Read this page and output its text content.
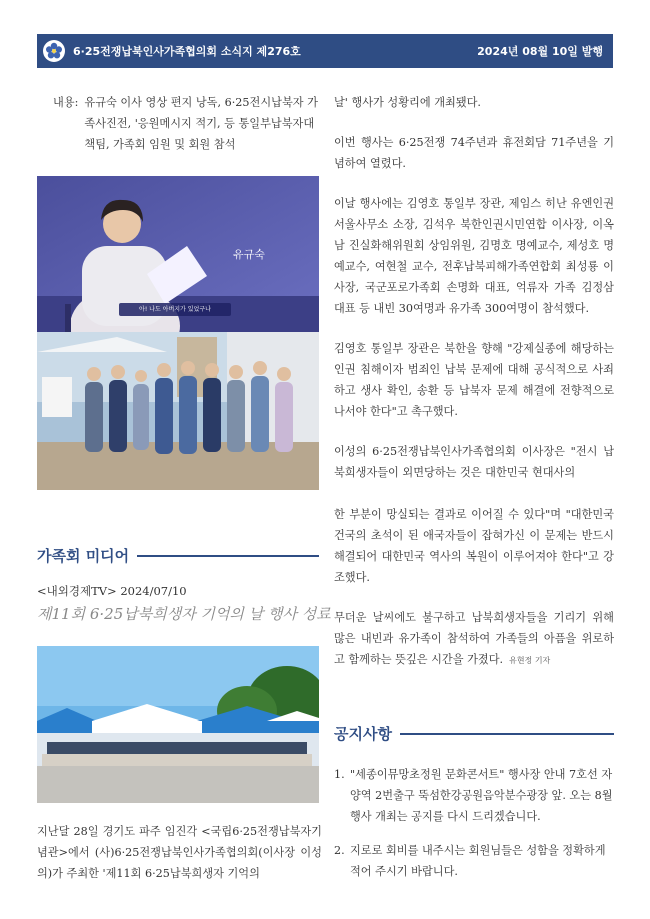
6·25전쟁납북인사가족협의회 소식지 제276호	2024년 08월 10일 발행
내용: 유규숙 이사 영상 편지 낭독, 6·25전시납북자 가족사진전, '응원메시지 적기, 등 통일부납북자대책팀, 가족회 임원 및 회원 참석
유규숙
아! 나도 아버지가 있었구나
가족회 미디어
<내외경제TV> 2024/07/10
제11회 6·25납북희생자 기억의 날 행사 성료
지난달 28일 경기도 파주 임진각 <국립6·25전쟁납북자기념관>에서 (사)6·25전쟁납북인사가족협의회(이사장 이성의)가 주최한 '제11회 6·25납북희생자 기억의

날' 행사가 성황리에 개최됐다.

이번 행사는 6·25전쟁 74주년과 휴전회담 71주년을 기념하여 열렸다.

이날 행사에는 김영호 통일부 장관, 제임스 히난 유엔인권서울사무소 소장, 김석우 북한인권시민연합 이사장, 이옥남 진실화해위원회 상임위원, 김명호 명예교수, 제성호 명예교수, 여현철 교수, 전후납북피해가족연합회 최성룡 이사장, 국군포로가족회 손명화 대표, 억류자 가족 김정삼 대표 등 내빈 30여명과 유가족 300여명이 참석했다.

김영호 통일부 장관은 북한을 향해 "강제실종에 해당하는 인권 침해이자 범죄인 납북 문제에 대해 공식적으로 사죄하고 생사 확인, 송환 등 납북자 문제 해결에 전향적으로 나서야 한다"고 촉구했다.

이성의 6·25전쟁납북인사가족협의회 이사장은 "전시 납북희생자들이 외면당하는 것은 대한민국 현대사의

한 부분이 망실되는 결과로 이어질 수 있다"며 "대한민국 건국의 초석이 된 애국자들이 잡혀가신 이 문제는 반드시 해결되어 대한민국 역사의 복원이 이루어져야 한다"고 강조했다.

무더운 날씨에도 불구하고 납북희생자들을 기리기 위해 많은 내빈과 유가족이 참석하여 가족들의 아픔을 위로하고 함께하는 뜻깊은 시간을 가졌다. 유현정 기자

공지사항
1. "세종이뮤망초정원 문화콘서트" 행사장 안내 7호선 자양역 2번출구 뚝섬한강공원음악분수광장 앞. 오는 8월 행사 개최는 공지를 다시 드리겠습니다.
2. 지로로 회비를 내주시는 회원님들은 성함을 정확하게 적어 주시기 바랍니다.
